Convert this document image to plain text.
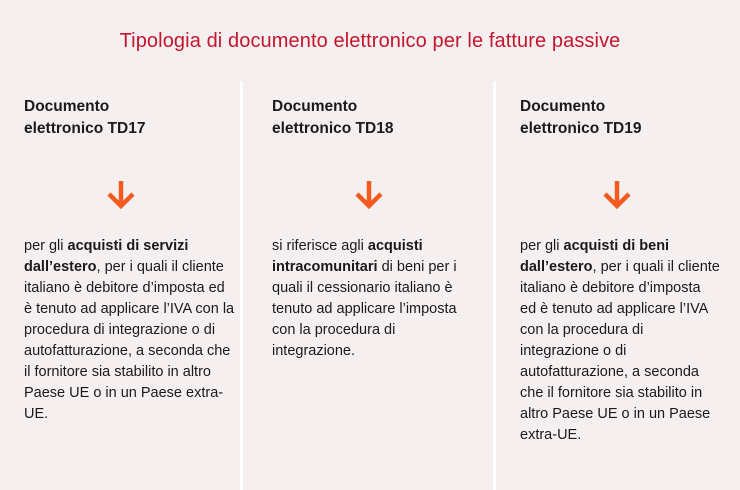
Tipologia di documento elettronico per le fatture passive
Documento
elettronico TD17
per gli acquisti di servizi dall’estero, per i quali il cliente italiano è debitore d’imposta ed è tenuto ad applicare l’IVA con la procedura di integrazione o di autofatturazione, a seconda che il fornitore sia stabilito in altro Paese UE o in un Paese extra-UE.
Documento
elettronico TD18
si riferisce agli acquisti intracomunitari di beni per i quali il cessionario italiano è tenuto ad applicare l’imposta con la procedura di integrazione.
Documento
elettronico TD19
per gli acquisti di beni dall’estero, per i quali il cliente italiano è debitore d’imposta ed è tenuto ad applicare l’IVA con la procedura di integrazione o di autofatturazione, a seconda che il fornitore sia stabilito in altro Paese UE o in un Paese extra-UE.
